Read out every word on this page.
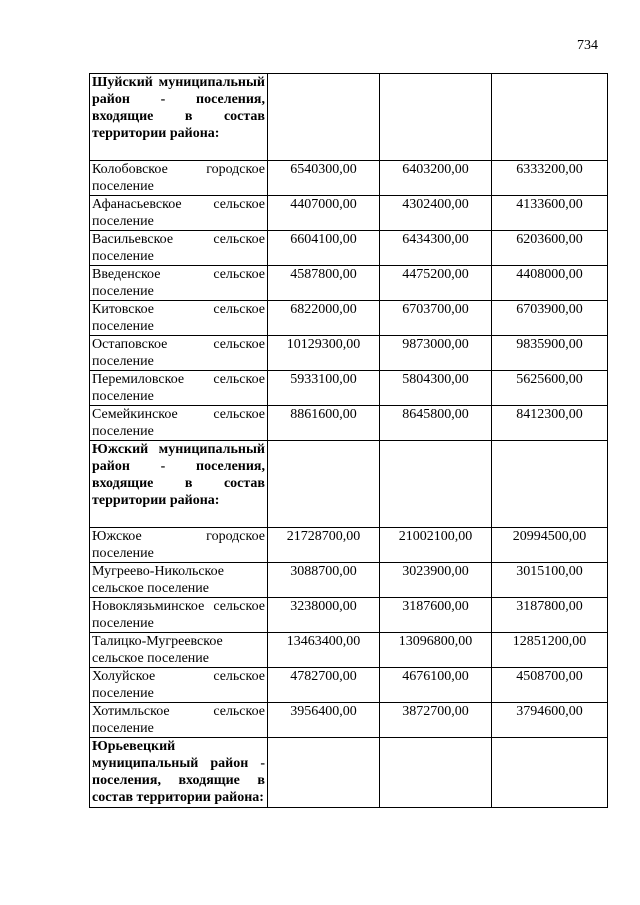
734
Шуйский муниципальный район - поселения, входящие в состав территории района:			
Колобовское городское поселение	6540300,00	6403200,00	6333200,00
Афанасьевское сельское поселение	4407000,00	4302400,00	4133600,00
Васильевское сельское поселение	6604100,00	6434300,00	6203600,00
Введенское сельское поселение	4587800,00	4475200,00	4408000,00
Китовское сельское поселение	6822000,00	6703700,00	6703900,00
Остаповское сельское поселение	10129300,00	9873000,00	9835900,00
Перемиловское сельское поселение	5933100,00	5804300,00	5625600,00
Семейкинское сельское поселение	8861600,00	8645800,00	8412300,00
Южский муниципальный район - поселения, входящие в состав территории района:			
Южское городское поселение	21728700,00	21002100,00	20994500,00
Мугреево-Никольское сельское поселение	3088700,00	3023900,00	3015100,00
Новоклязьминское сельское поселение	3238000,00	3187600,00	3187800,00
Талицко-Мугреевское сельское поселение	13463400,00	13096800,00	12851200,00
Холуйское сельское поселение	4782700,00	4676100,00	4508700,00
Хотимльское сельское поселение	3956400,00	3872700,00	3794600,00
Юрьевецкий муниципальный район - поселения, входящие в состав территории района:			
